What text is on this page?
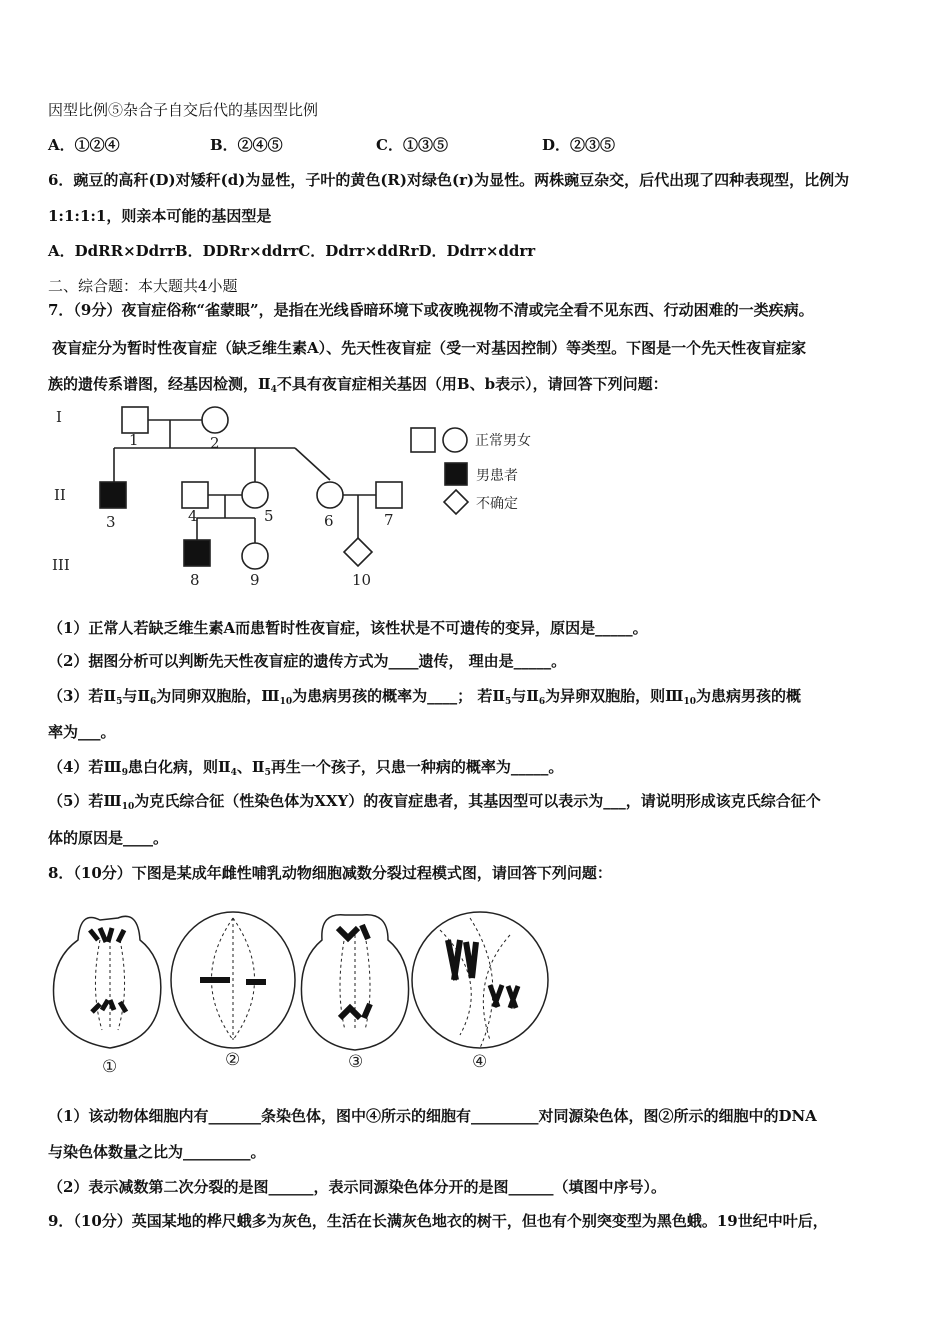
因型比例⑤杂合子自交后代的基因型比例
A．①②④	B．②④⑤	C．①③⑤	D．②③⑤
6．豌豆的高秆(D)对矮秆(d)为显性，子叶的黄色(R)对绿色(r)为显性。两株豌豆杂交，后代出现了四种表现型，比例为
1:1:1:1，则亲本可能的基因型是
A．DdRR×DdrrB．DDRr×ddrrC．Ddrr×ddRrD．Ddrr×ddrr
二、综合题：本大题共4小题
7．（9分）夜盲症俗称“雀蒙眼”，是指在光线昏暗环境下或夜晚视物不清或完全看不见东西、行动困难的一类疾病。
夜盲症分为暂时性夜盲症（缺乏维生素A）、先天性夜盲症（受一对基因控制）等类型。下图是一个先天性夜盲症家
族的遗传系谱图，经基因检测，$Ⅱ_4$不具有夜盲症相关基因（用B、b表示），请回答下列问题：
I
II
III
1	2
3	4	5	6	7
8	9	10
正常男女
男患者
不确定
（1）正常人若缺乏维生素A而患暂时性夜盲症，该性状是不可遗传的变异，原因是_____。
（2）据图分析可以判断先天性夜盲症的遗传方式为____遗传， 理由是_____。
（3）若$Ⅱ_5$与$Ⅱ_6$为同卵双胞胎，$Ⅲ_{10}$为患病男孩的概率为____； 若$Ⅱ_5$与$Ⅱ_6$为异卵双胞胎，则$Ⅲ_{10}$为患病男孩的概
率为___。
（4）若$Ⅲ_9$患白化病，则$Ⅱ_4$、$Ⅱ_5$再生一个孩子，只患一种病的概率为_____。
（5）若$Ⅲ_{10}$为克氏综合征（性染色体为XXY）的夜盲症患者，其基因型可以表示为___，请说明形成该克氏综合征个
体的原因是____。
8．（10分）下图是某成年雌性哺乳动物细胞减数分裂过程模式图，请回答下列问题：
①	②	③	④
（1）该动物体细胞内有_______条染色体，图中④所示的细胞有_________对同源染色体，图②所示的细胞中的DNA
与染色体数量之比为_________。
（2）表示减数第二次分裂的是图______，表示同源染色体分开的是图______（填图中序号）。
9．（10分）英国某地的桦尺蛾多为灰色，生活在长满灰色地衣的树干，但也有个别突变型为黑色蛾。19世纪中叶后，
